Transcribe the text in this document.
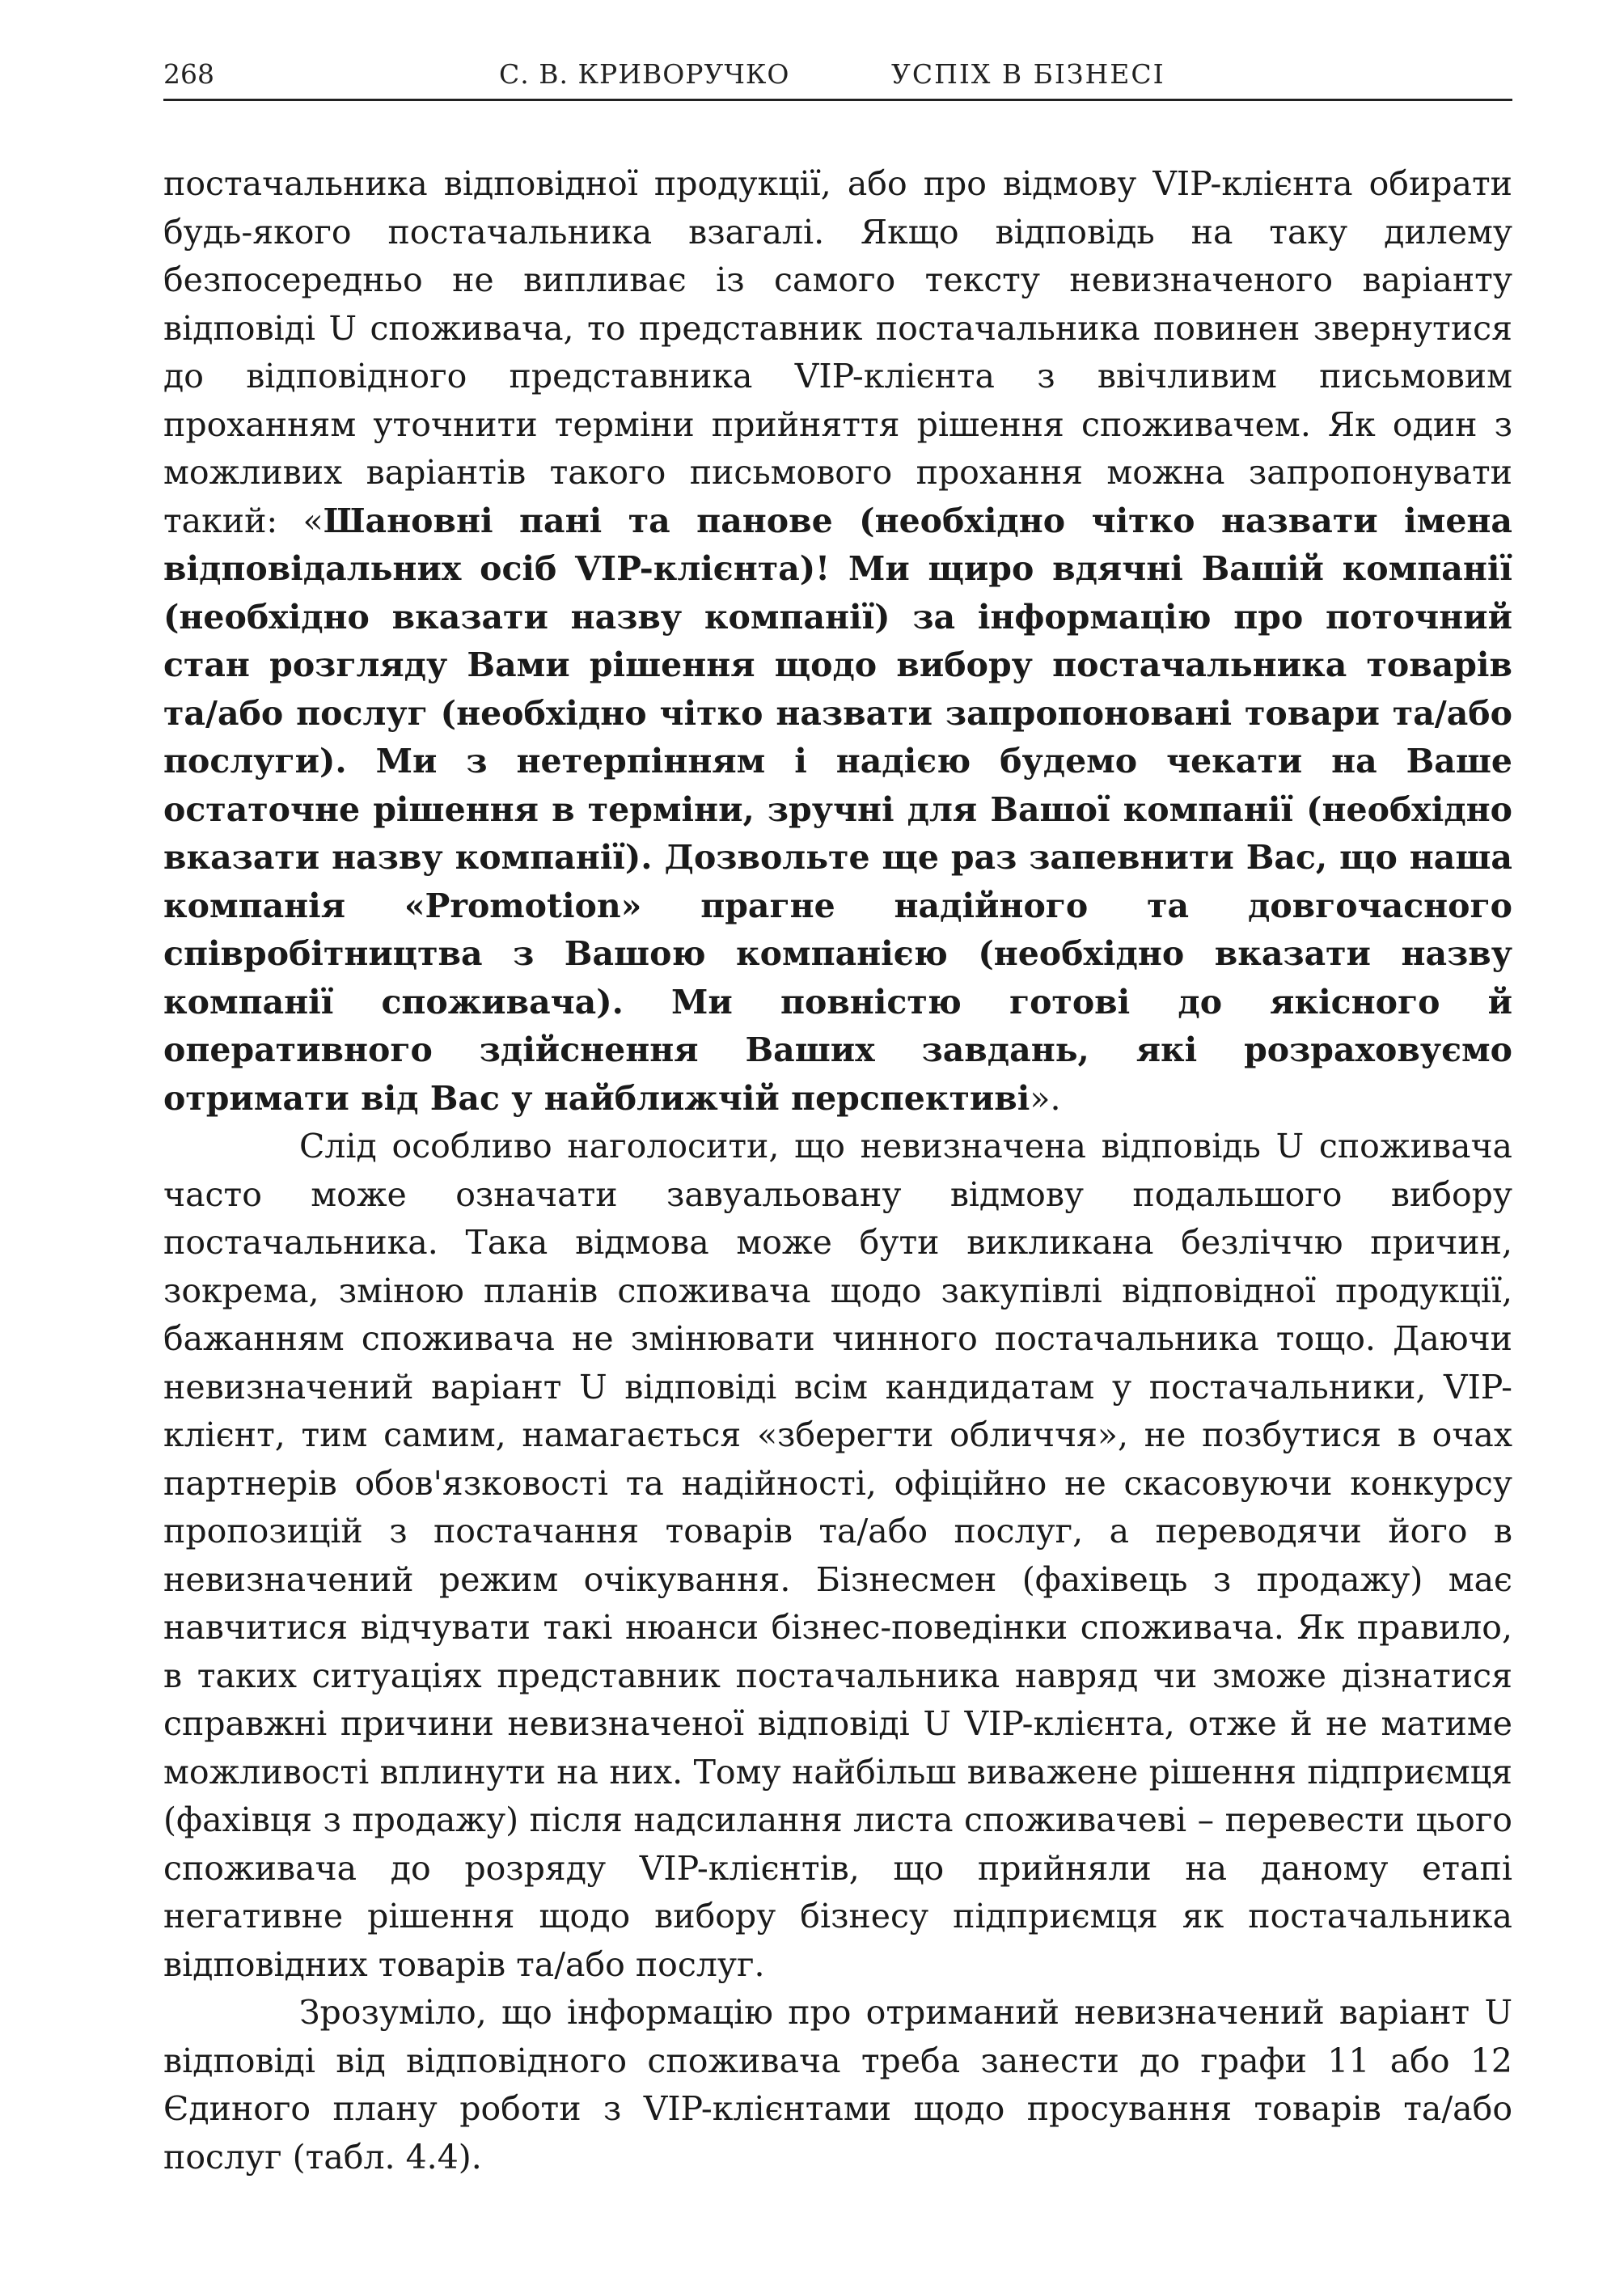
268	С. В. КРИВОРУЧКО	УСПІХ В БІЗНЕСІ

постачальника відповідної продукції, або про відмову VIP-клієнта обирати будь-якого постачальника взагалі. Якщо відповідь на таку дилему безпосередньо не випливає із самого тексту невизначеного варіанту відповіді U споживача, то представник постачальника повинен звернутися до відповідного представника VIP-клієнта з ввічливим письмовим проханням уточнити терміни прийняття рішення споживачем. Як один з можливих варіантів такого письмового прохання можна запропонувати такий: «Шановні пані та панове (необхідно чітко назвати імена відповідальних осіб VIP-клієнта)! Ми щиро вдячні Вашій компанії (необхідно вказати назву компанії) за інформацію про поточний стан розгляду Вами рішення щодо вибору постачальника товарів та/або послуг (необхідно чітко назвати запропоновані товари та/або послуги). Ми з нетерпінням і надією будемо чекати на Ваше остаточне рішення в терміни, зручні для Вашої компанії (необхідно вказати назву компанії). Дозвольте ще раз запевнити Вас, що наша компанія «Promotion» прагне надійного та довгочасного співробітництва з Вашою компанією (необхідно вказати назву компанії споживача). Ми повністю готові до якісного й оперативного здійснення Ваших завдань, які розраховуємо отримати від Вас у найближчій перспективі».

Слід особливо наголосити, що невизначена відповідь U споживача часто може означати завуальовану відмову подальшого вибору постачальника. Така відмова може бути викликана безліччю причин, зокрема, зміною планів споживача щодо закупівлі відповідної продукції, бажанням споживача не змінювати чинного постачальника тощо. Даючи невизначений варіант U відповіді всім кандидатам у постачальники, VIP-клієнт, тим самим, намагається «зберегти обличчя», не позбутися в очах партнерів обов'язковості та надійності, офіційно не скасовуючи конкурсу пропозицій з постачання товарів та/або послуг, а переводячи його в невизначений режим очікування. Бізнесмен (фахівець з продажу) має навчитися відчувати такі нюанси бізнес-поведінки споживача. Як правило, в таких ситуаціях представник постачальника навряд чи зможе дізнатися справжні причини невизначеної відповіді U VIP-клієнта, отже й не матиме можливості вплинути на них. Тому найбільш виважене рішення підприємця (фахівця з продажу) після надсилання листа споживачеві – перевести цього споживача до розряду VIP-клієнтів, що прийняли на даному етапі негативне рішення щодо вибору бізнесу підприємця як постачальника відповідних товарів та/або послуг.

Зрозуміло, що інформацію про отриманий невизначений варіант U відповіді від відповідного споживача треба занести до графи 11 або 12 Єдиного плану роботи з VIP-клієнтами щодо просування товарів та/або послуг (табл. 4.4).
